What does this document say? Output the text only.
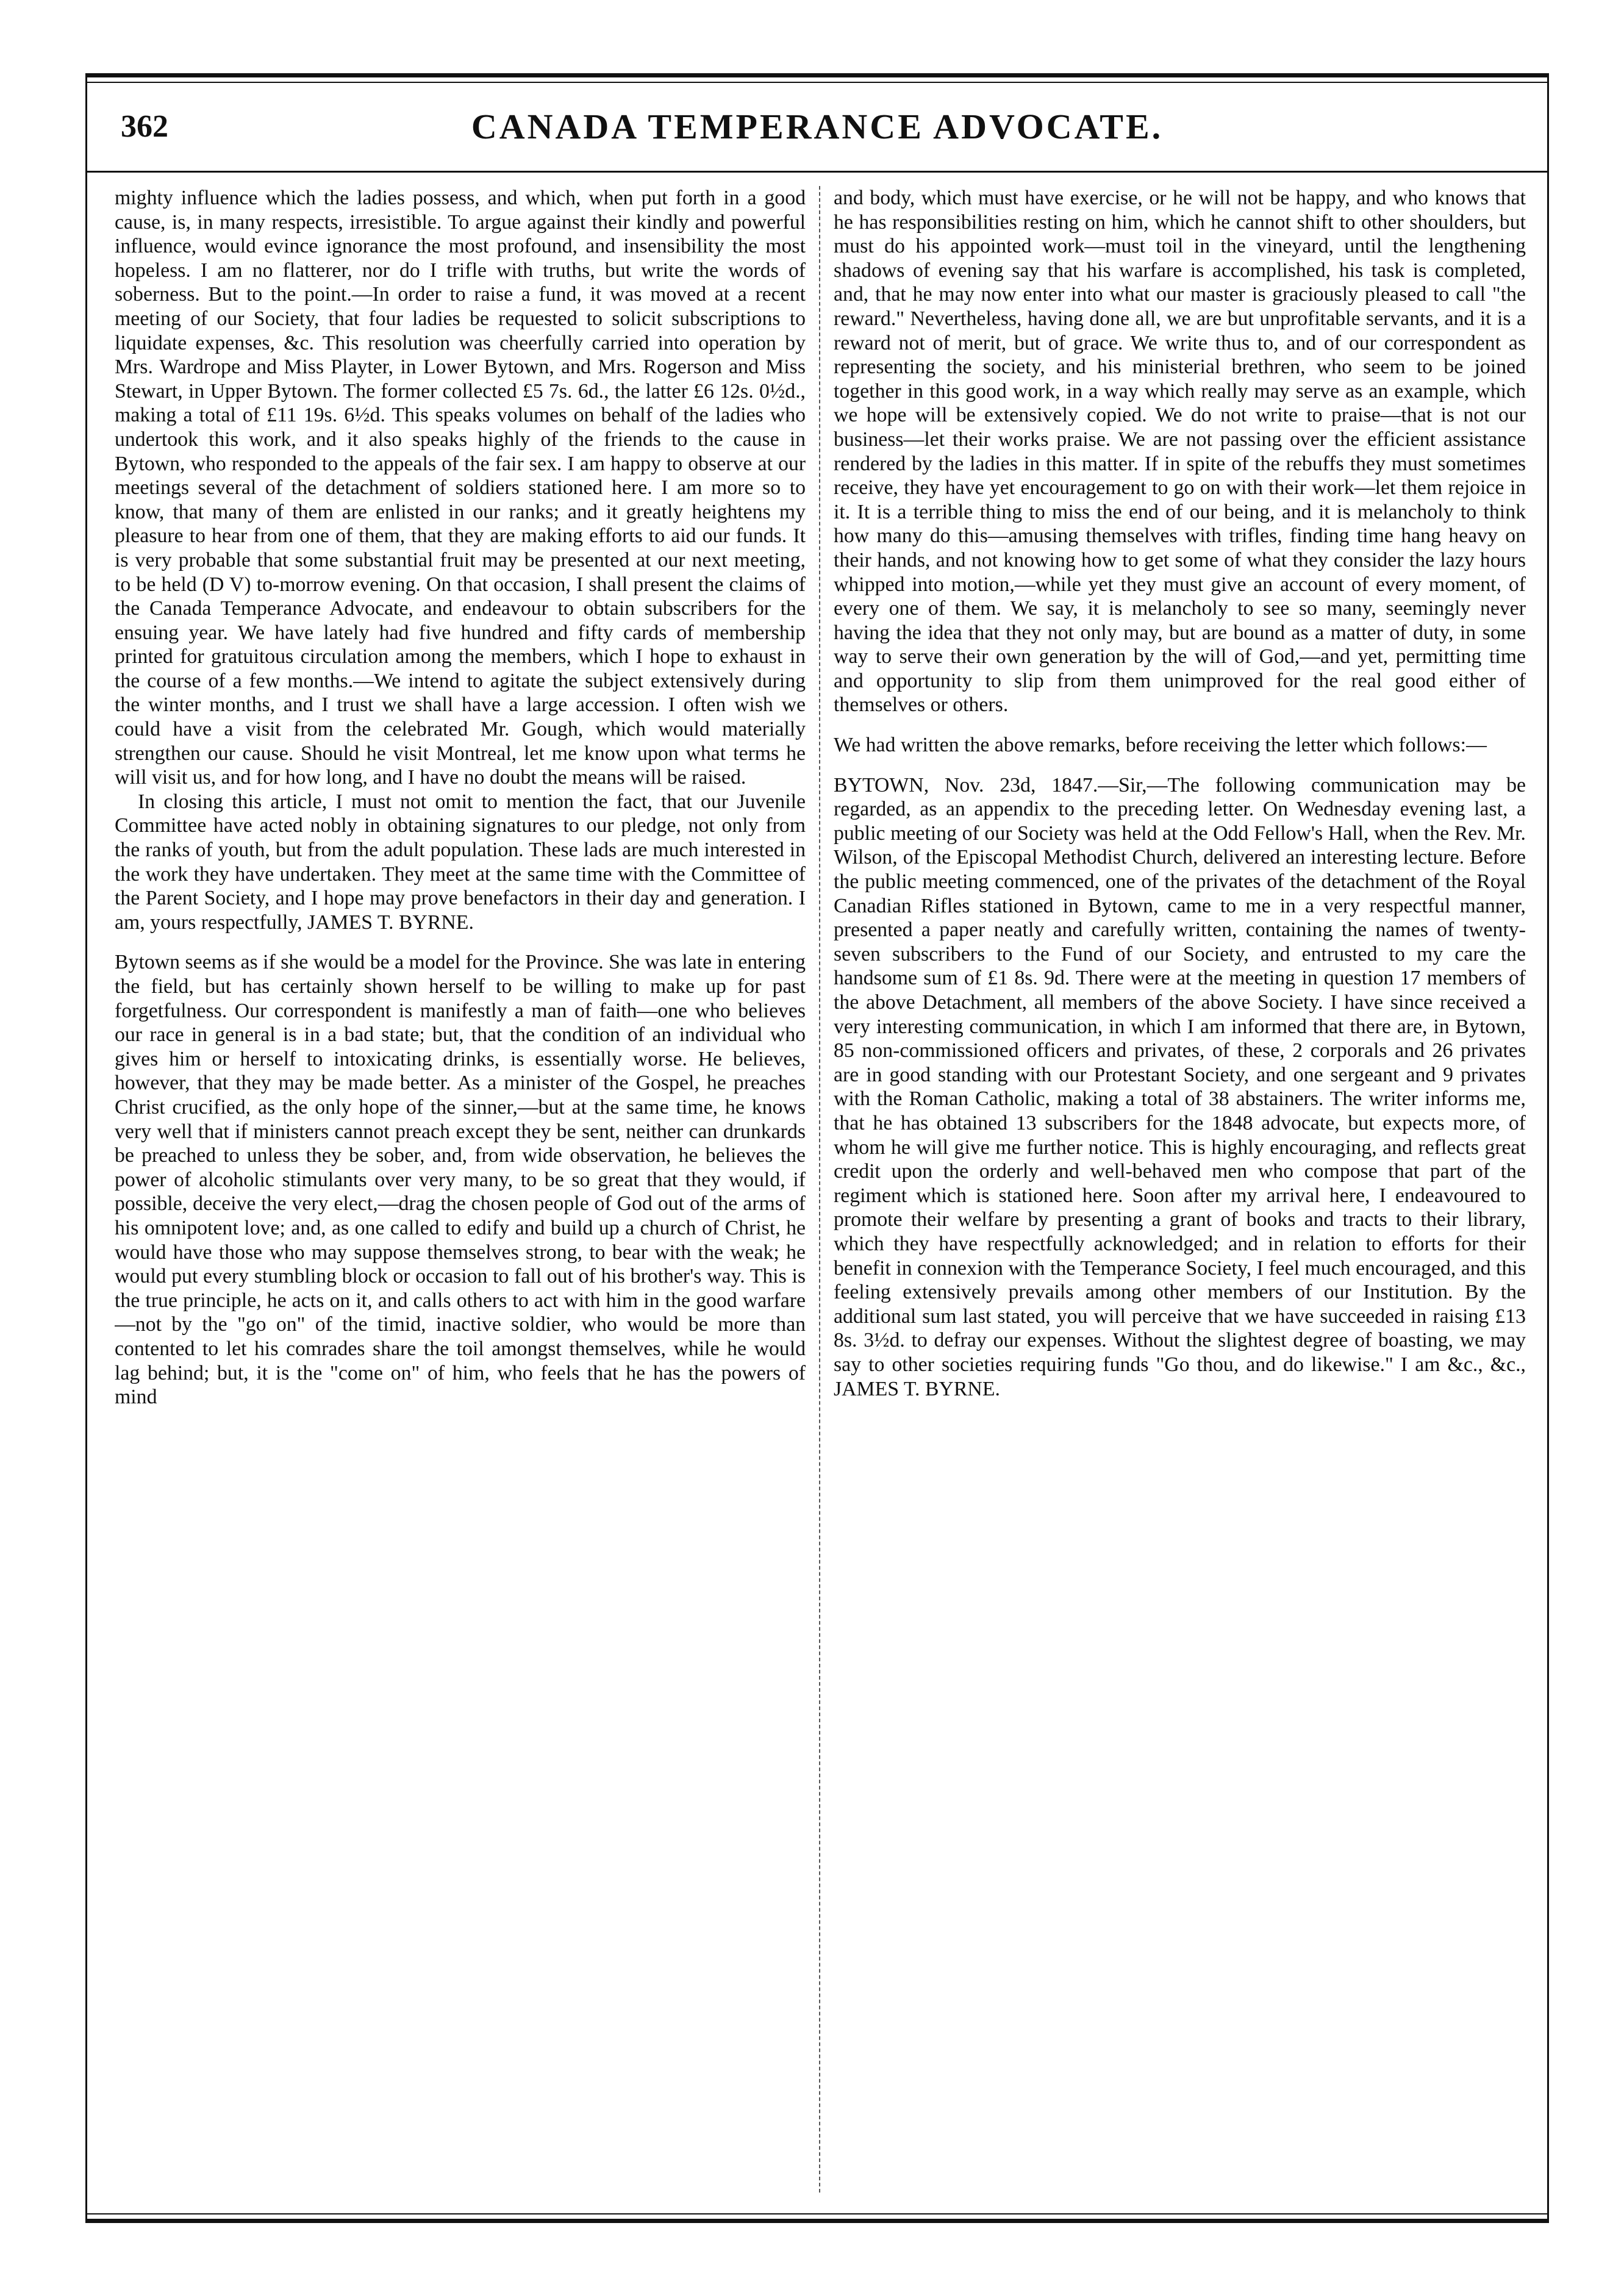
362	CANADA TEMPERANCE ADVOCATE.

mighty influence which the ladies possess, and which, when put forth in a good cause, is, in many respects, irresistible. To argue against their kindly and powerful influence, would evince ignorance the most profound, and insensibility the most hopeless. I am no flatterer, nor do I trifle with truths, but write the words of soberness. But to the point.—In order to raise a fund, it was moved at a recent meeting of our Society, that four ladies be requested to solicit subscriptions to liquidate expenses, &c. This resolution was cheerfully carried into operation by Mrs. Wardrope and Miss Playter, in Lower Bytown, and Mrs. Rogerson and Miss Stewart, in Upper Bytown. The former collected £5 7s. 6d., the latter £6 12s. 0½d., making a total of £11 19s. 6½d. This speaks volumes on behalf of the ladies who undertook this work, and it also speaks highly of the friends to the cause in Bytown, who responded to the appeals of the fair sex. I am happy to observe at our meetings several of the detachment of soldiers stationed here. I am more so to know, that many of them are enlisted in our ranks; and it greatly heightens my pleasure to hear from one of them, that they are making efforts to aid our funds. It is very probable that some substantial fruit may be presented at our next meeting, to be held (D V) to-morrow evening. On that occasion, I shall present the claims of the Canada Temperance Advocate, and endeavour to obtain subscribers for the ensuing year. We have lately had five hundred and fifty cards of membership printed for gratuitous circulation among the members, which I hope to exhaust in the course of a few months.—We intend to agitate the subject extensively during the winter months, and I trust we shall have a large accession. I often wish we could have a visit from the celebrated Mr. Gough, which would materially strengthen our cause. Should he visit Montreal, let me know upon what terms he will visit us, and for how long, and I have no doubt the means will be raised.

In closing this article, I must not omit to mention the fact, that our Juvenile Committee have acted nobly in obtaining signatures to our pledge, not only from the ranks of youth, but from the adult population. These lads are much interested in the work they have undertaken. They meet at the same time with the Committee of the Parent Society, and I hope may prove benefactors in their day and generation. I am, yours respectfully, JAMES T. BYRNE.

Bytown seems as if she would be a model for the Province. She was late in entering the field, but has certainly shown herself to be willing to make up for past forgetfulness. Our correspondent is manifestly a man of faith—one who believes our race in general is in a bad state; but, that the condition of an individual who gives him or herself to intoxicating drinks, is essentially worse. He believes, however, that they may be made better. As a minister of the Gospel, he preaches Christ crucified, as the only hope of the sinner,—but at the same time, he knows very well that if ministers cannot preach except they be sent, neither can drunkards be preached to unless they be sober, and, from wide observation, he believes the power of alcoholic stimulants over very many, to be so great that they would, if possible, deceive the very elect,—drag the chosen people of God out of the arms of his omnipotent love; and, as one called to edify and build up a church of Christ, he would have those who may suppose themselves strong, to bear with the weak; he would put every stumbling block or occasion to fall out of his brother's way. This is the true principle, he acts on it, and calls others to act with him in the good warfare—not by the "go on" of the timid, inactive soldier, who would be more than contented to let his comrades share the toil amongst themselves, while he would lag behind; but, it is the "come on" of him, who feels that he has the powers of mind

and body, which must have exercise, or he will not be happy, and who knows that he has responsibilities resting on him, which he cannot shift to other shoulders, but must do his appointed work—must toil in the vineyard, until the lengthening shadows of evening say that his warfare is accomplished, his task is completed, and, that he may now enter into what our master is graciously pleased to call "the reward." Nevertheless, having done all, we are but unprofitable servants, and it is a reward not of merit, but of grace. We write thus to, and of our correspondent as representing the society, and his ministerial brethren, who seem to be joined together in this good work, in a way which really may serve as an example, which we hope will be extensively copied. We do not write to praise—that is not our business—let their works praise. We are not passing over the efficient assistance rendered by the ladies in this matter. If in spite of the rebuffs they must sometimes receive, they have yet encouragement to go on with their work—let them rejoice in it. It is a terrible thing to miss the end of our being, and it is melancholy to think how many do this—amusing themselves with trifles, finding time hang heavy on their hands, and not knowing how to get some of what they consider the lazy hours whipped into motion,—while yet they must give an account of every moment, of every one of them. We say, it is melancholy to see so many, seemingly never having the idea that they not only may, but are bound as a matter of duty, in some way to serve their own generation by the will of God,—and yet, permitting time and opportunity to slip from them unimproved for the real good either of themselves or others.

We had written the above remarks, before receiving the letter which follows:—

BYTOWN, Nov. 23d, 1847.—Sir,—The following communication may be regarded, as an appendix to the preceding letter. On Wednesday evening last, a public meeting of our Society was held at the Odd Fellow's Hall, when the Rev. Mr. Wilson, of the Episcopal Methodist Church, delivered an interesting lecture. Before the public meeting commenced, one of the privates of the detachment of the Royal Canadian Rifles stationed in Bytown, came to me in a very respectful manner, presented a paper neatly and carefully written, containing the names of twenty-seven subscribers to the Fund of our Society, and entrusted to my care the handsome sum of £1 8s. 9d. There were at the meeting in question 17 members of the above Detachment, all members of the above Society. I have since received a very interesting communication, in which I am informed that there are, in Bytown, 85 non-commissioned officers and privates, of these, 2 corporals and 26 privates are in good standing with our Protestant Society, and one sergeant and 9 privates with the Roman Catholic, making a total of 38 abstainers. The writer informs me, that he has obtained 13 subscribers for the 1848 advocate, but expects more, of whom he will give me further notice. This is highly encouraging, and reflects great credit upon the orderly and well-behaved men who compose that part of the regiment which is stationed here. Soon after my arrival here, I endeavoured to promote their welfare by presenting a grant of books and tracts to their library, which they have respectfully acknowledged; and in relation to efforts for their benefit in connexion with the Temperance Society, I feel much encouraged, and this feeling extensively prevails among other members of our Institution. By the additional sum last stated, you will perceive that we have succeeded in raising £13 8s. 3½d. to defray our expenses. Without the slightest degree of boasting, we may say to other societies requiring funds "Go thou, and do likewise." I am &c., &c., JAMES T. BYRNE.
